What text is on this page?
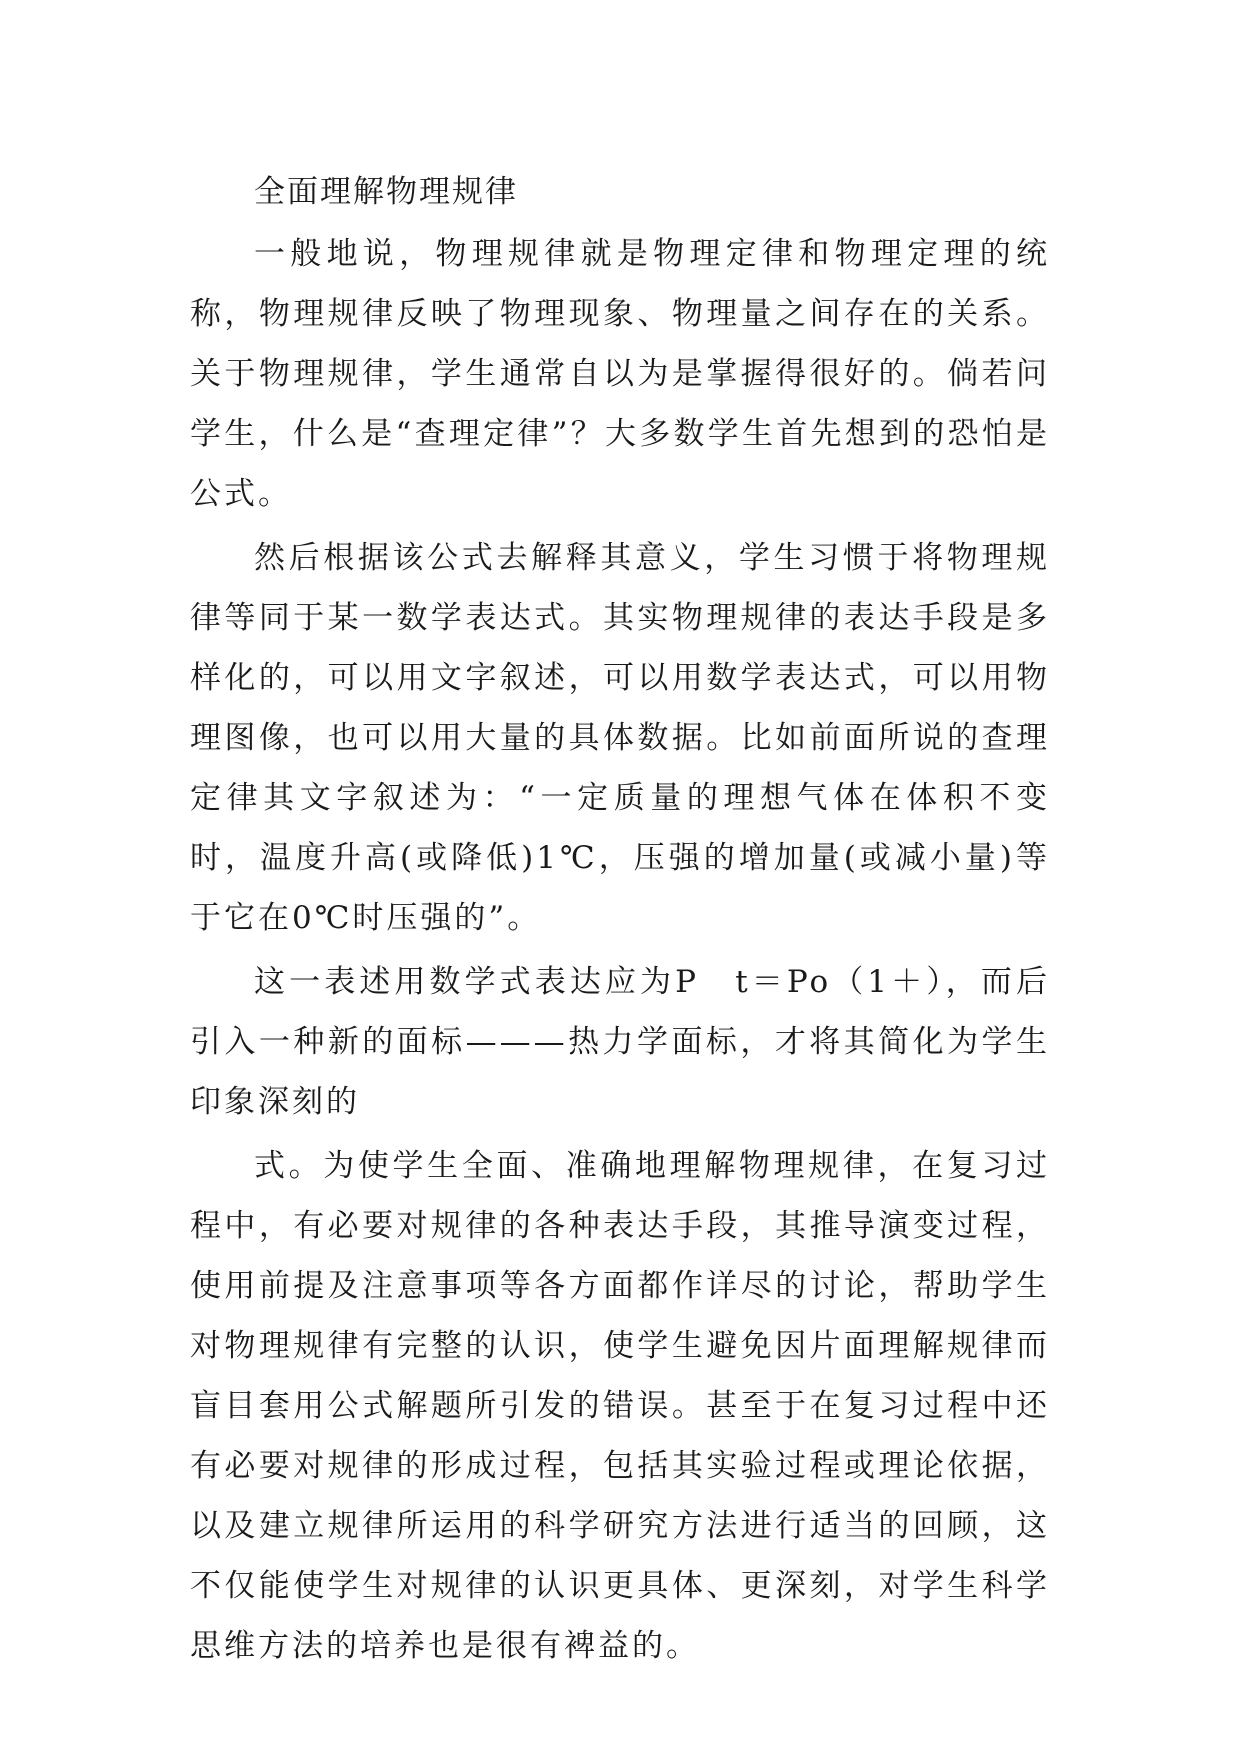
全面理解物理规律

一般地说，物理规律就是物理定律和物理定理的统称，物理规律反映了物理现象、物理量之间存在的关系。关于物理规律，学生通常自以为是掌握得很好的。倘若问学生，什么是“查理定律”？大多数学生首先想到的恐怕是公式。

然后根据该公式去解释其意义，学生习惯于将物理规律等同于某一数学表达式。其实物理规律的表达手段是多样化的，可以用文字叙述，可以用数学表达式，可以用物理图像，也可以用大量的具体数据。比如前面所说的查理定律其文字叙述为：“一定质量的理想气体在体积不变时，温度升高(或降低)1℃，压强的增加量(或减小量)等于它在0℃时压强的”。

这一表述用数学式表达应为P　t＝Po（1＋），而后引入一种新的面标———热力学面标，才将其简化为学生印象深刻的

式。为使学生全面、准确地理解物理规律，在复习过程中，有必要对规律的各种表达手段，其推导演变过程，使用前提及注意事项等各方面都作详尽的讨论，帮助学生对物理规律有完整的认识，使学生避免因片面理解规律而盲目套用公式解题所引发的错误。甚至于在复习过程中还有必要对规律的形成过程，包括其实验过程或理论依据，以及建立规律所运用的科学研究方法进行适当的回顾，这不仅能使学生对规律的认识更具体、更深刻，对学生科学思维方法的培养也是很有裨益的。
